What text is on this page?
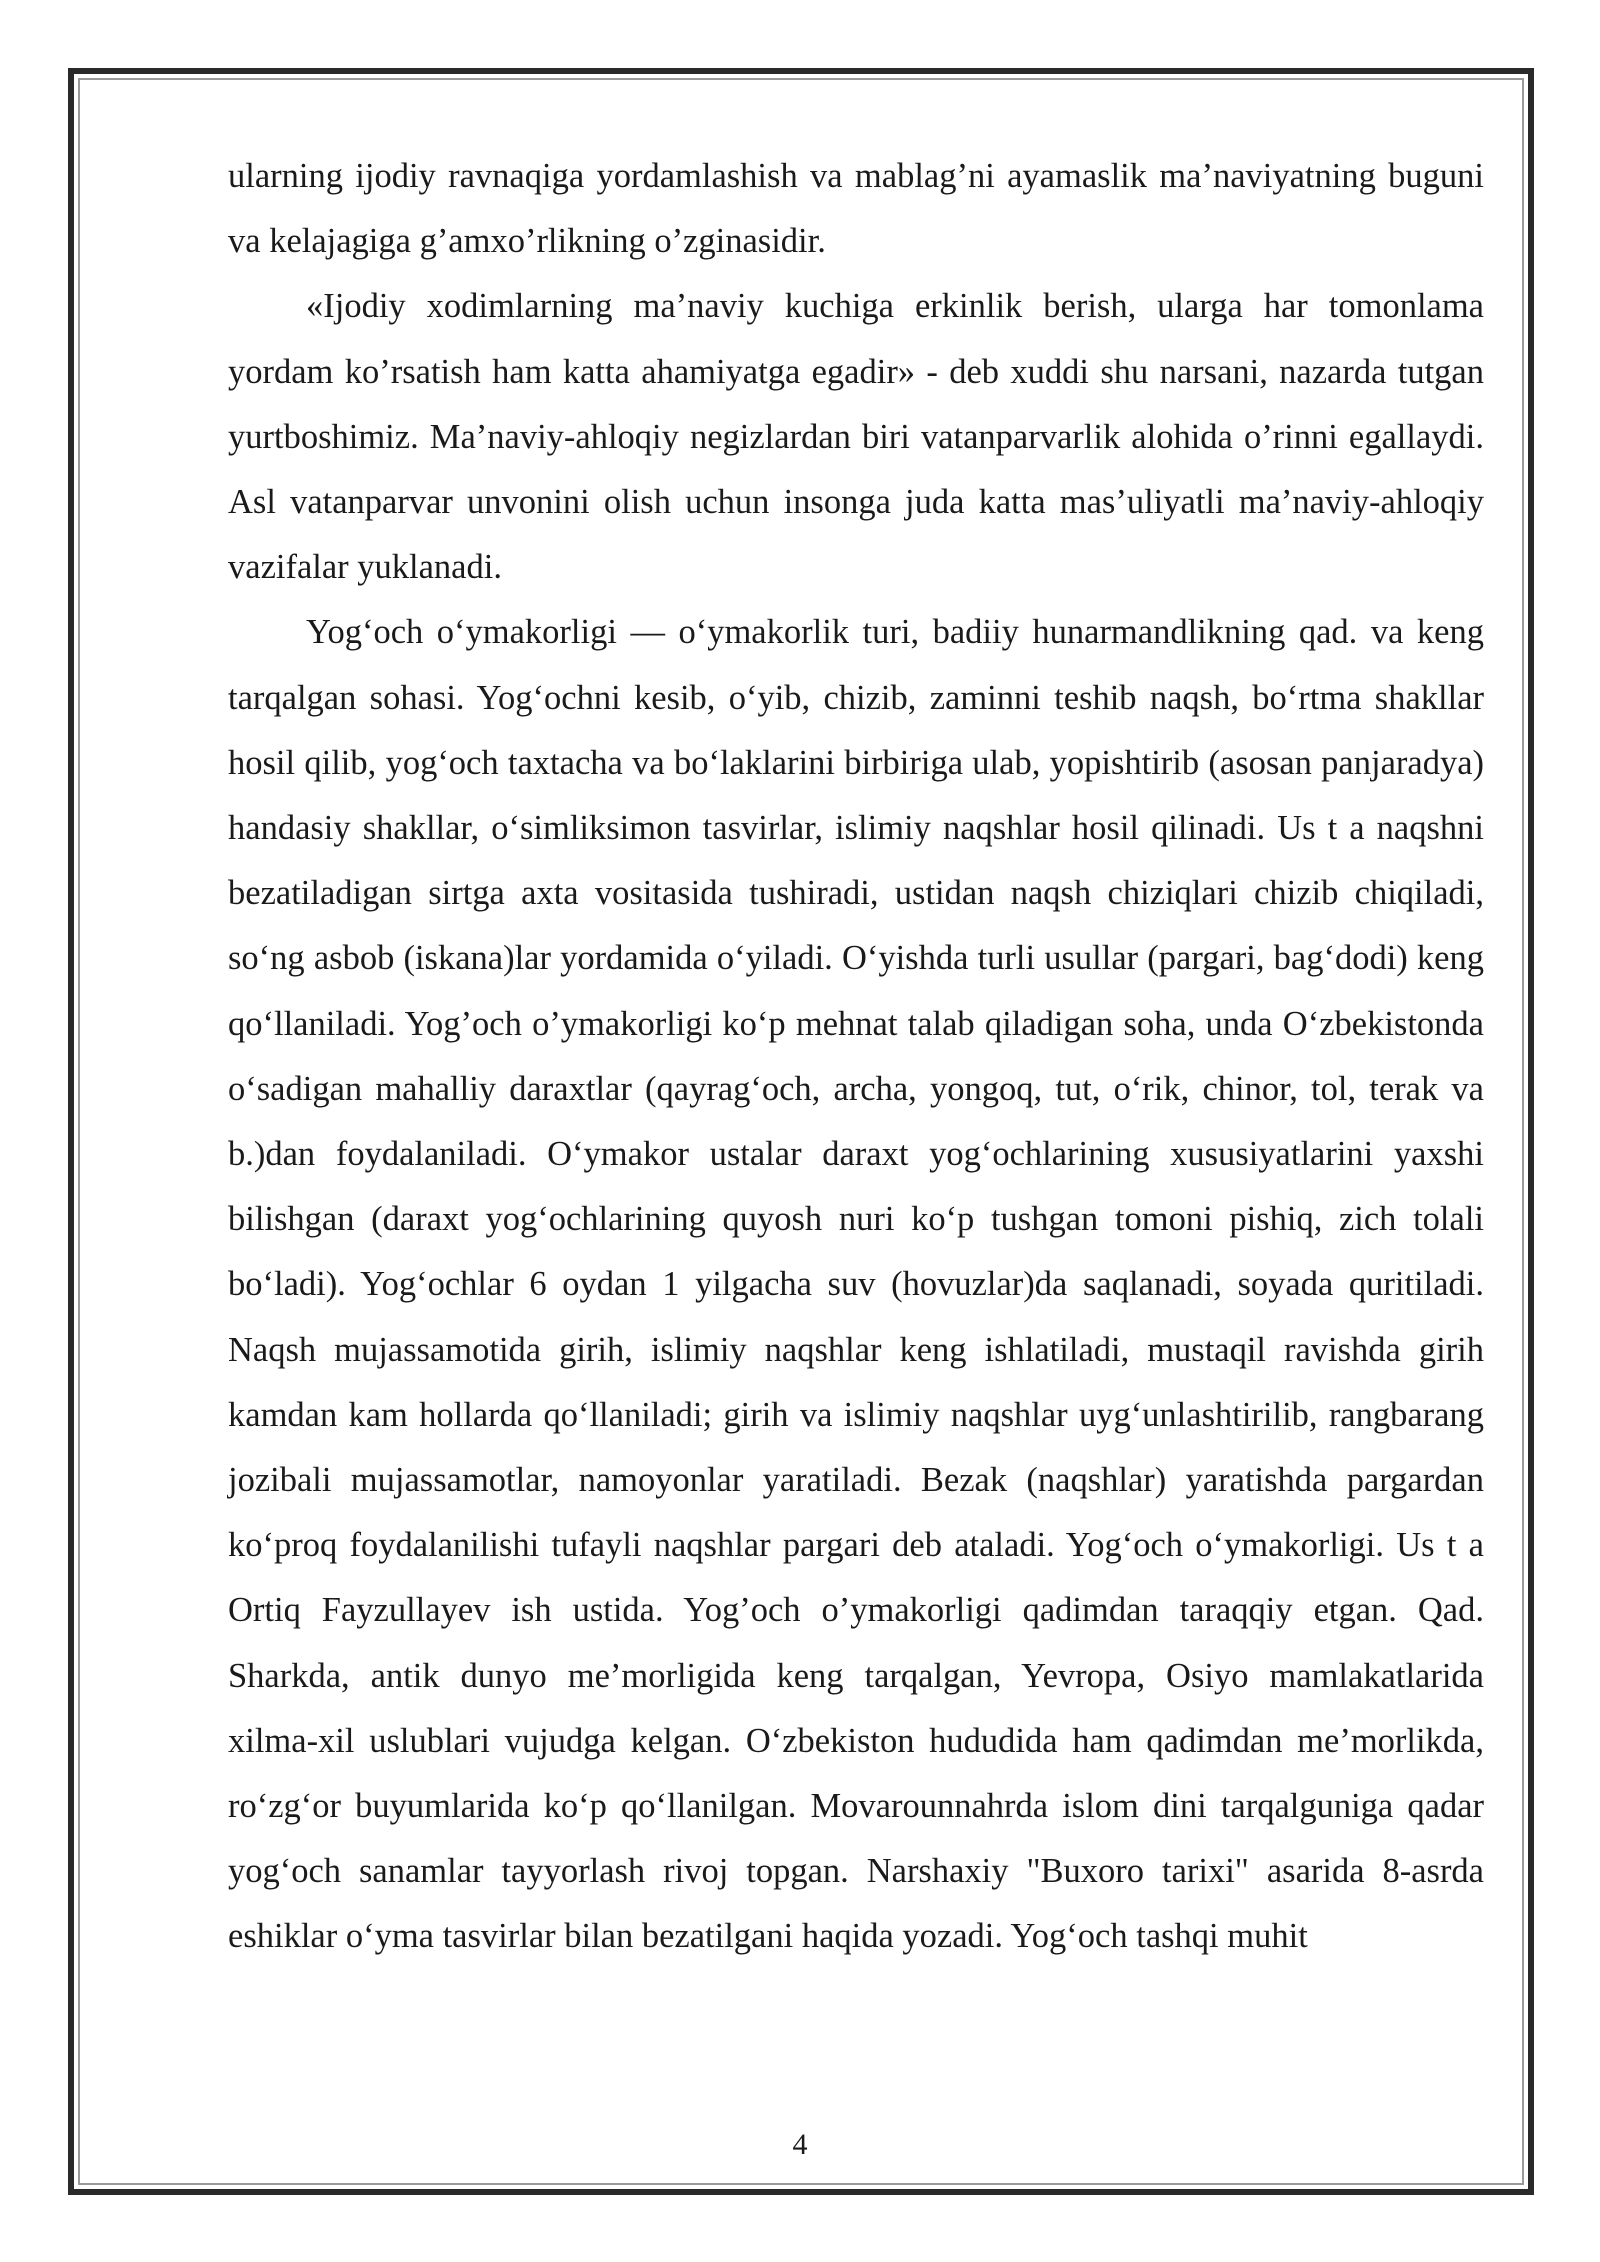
ularning ijodiy ravnaqiga yordamlashish va mablag’ni ayamaslik ma’naviyatning buguni va kelajagiga g’amxo’rlikning o’zginasidir.

«Ijodiy xodimlarning ma’naviy kuchiga erkinlik berish, ularga har tomonlama yordam ko’rsatish ham katta ahamiyatga egadir» - deb xuddi shu narsani, nazarda tutgan yurtboshimiz. Ma’naviy-ahloqiy negizlardan biri vatanparvarlik alohida o’rinni egallaydi. Asl vatanparvar unvonini olish uchun insonga juda katta mas’uliyatli ma’naviy-ahloqiy vazifalar yuklanadi.

Yog‘och o‘ymakorligi — o‘ymakorlik turi, badiiy hunarmandlikning qad. va keng tarqalgan sohasi. Yog‘ochni kesib, o‘yib, chizib, zaminni teshib naqsh, bo‘rtma shakllar hosil qilib, yog‘och taxtacha va bo‘laklarini birbiriga ulab, yopishtirib (asosan panjaradya) handasiy shakllar, o‘simliksimon tasvirlar, islimiy naqshlar hosil qilinadi. Us t a naqshni bezatiladigan sirtga axta vositasida tushiradi, ustidan naqsh chiziqlari chizib chiqiladi, so‘ng asbob (iskana)lar yordamida o‘yiladi. O‘yishda turli usullar (pargari, bag‘dodi) keng qo‘llaniladi. Yog’och o’ymakorligi ko‘p mehnat talab qiladigan soha, unda O‘zbekistonda o‘sadigan mahalliy daraxtlar (qayrag‘och, archa, yongoq, tut, o‘rik, chinor, tol, terak va b.)dan foydalaniladi. O‘ymakor ustalar daraxt yog‘ochlarining xususiyatlarini yaxshi bilishgan (daraxt yog‘ochlarining quyosh nuri ko‘p tushgan tomoni pishiq, zich tolali bo‘ladi). Yog‘ochlar 6 oydan 1 yilgacha suv (hovuzlar)da saqlanadi, soyada quritiladi. Naqsh mujassamotida girih, islimiy naqshlar keng ishlatiladi, mustaqil ravishda girih kamdan kam hollarda qo‘llaniladi; girih va islimiy naqshlar uyg‘unlashtirilib, rangbarang jozibali mujassamotlar, namoyonlar yaratiladi. Bezak (naqshlar) yaratishda pargardan ko‘proq foydalanilishi tufayli naqshlar pargari deb ataladi. Yog‘och o‘ymakorligi. Us t a Ortiq Fayzullayev ish ustida. Yog’och o’ymakorligi qadimdan taraqqiy etgan. Qad. Sharkda, antik dunyo me’morligida keng tarqalgan, Yevropa, Osiyo mamlakatlarida xilma-xil uslublari vujudga kelgan. O‘zbekiston hududida ham qadimdan me’morlikda, ro‘zg‘or buyumlarida ko‘p qo‘llanilgan. Movarounnahrda islom dini tarqalguniga qadar yog‘och sanamlar tayyorlash rivoj topgan. Narshaxiy "Buxoro tarixi" asarida 8-asrda eshiklar o‘yma tasvirlar bilan bezatilgani haqida yozadi. Yog‘och tashqi muhit

4
